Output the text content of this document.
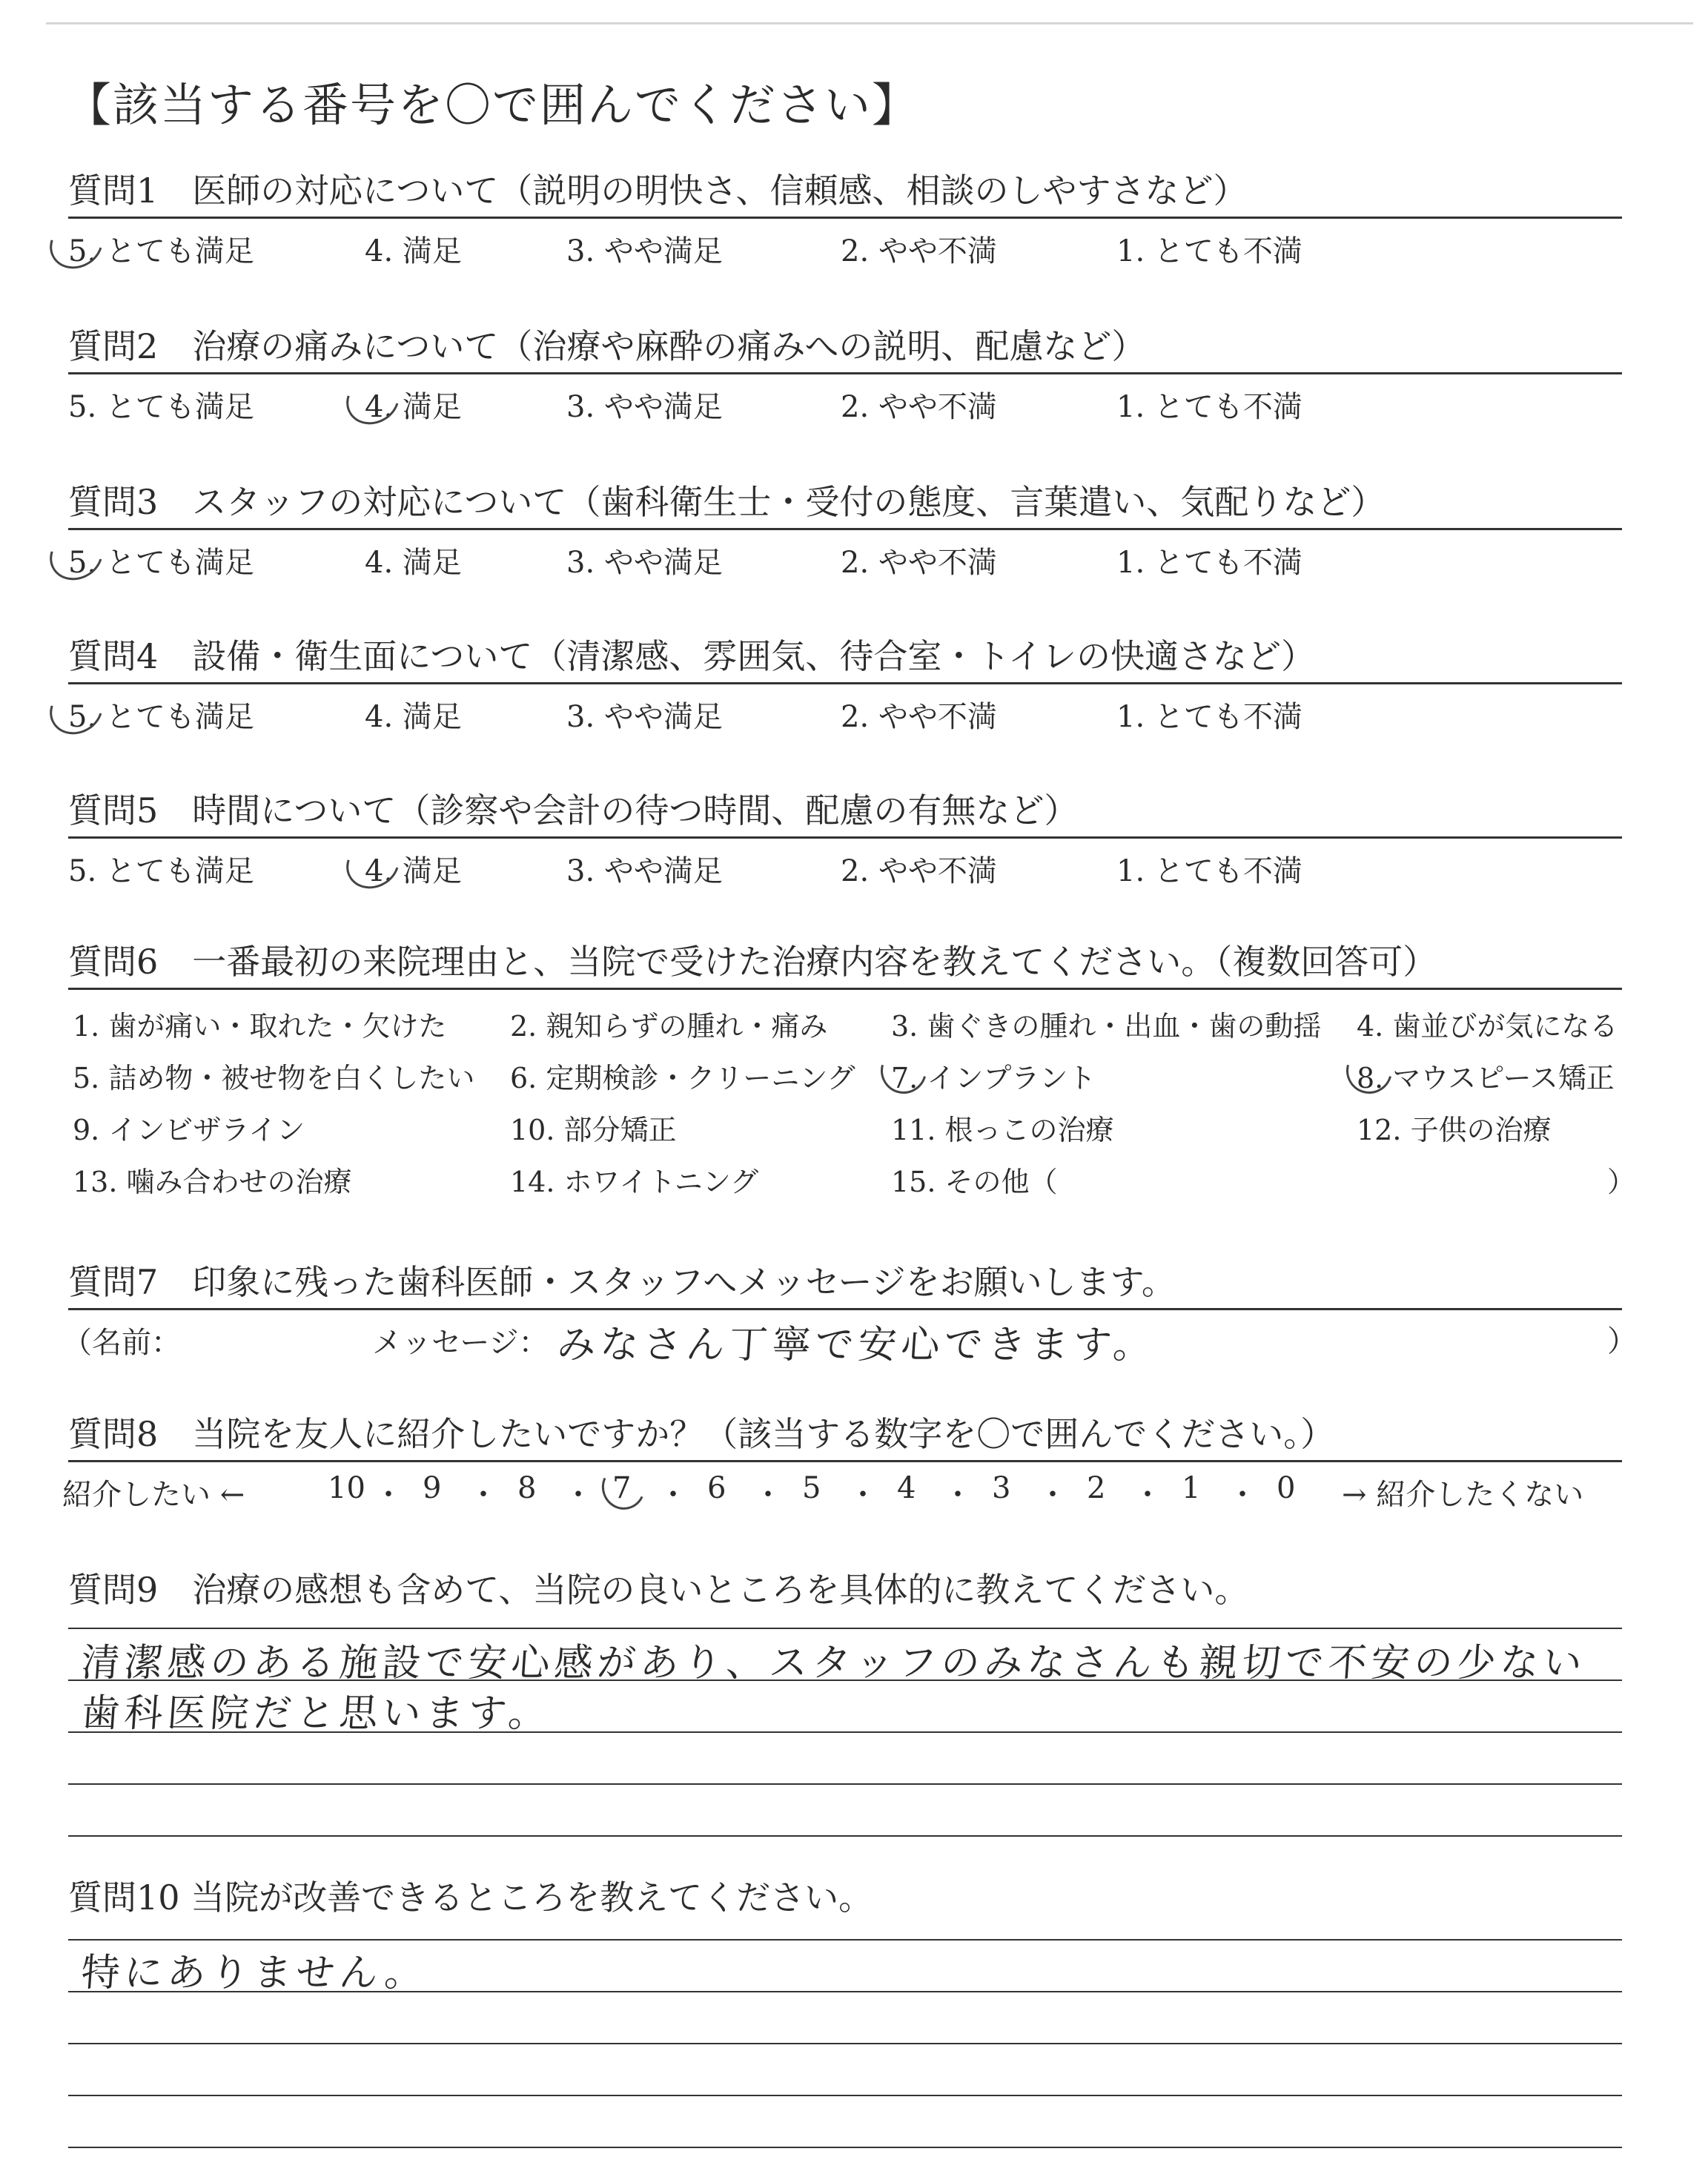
【該当する番号を〇で囲んでください】
質問1　医師の対応について（説明の明快さ、信頼感、相談のしやすさなど）
5. とても満足	4. 満足	3. やや満足	2. やや不満	1. とても不満
質問2　治療の痛みについて（治療や麻酔の痛みへの説明、配慮など）
5. とても満足	4. 満足	3. やや満足	2. やや不満	1. とても不満
質問3　スタッフの対応について（歯科衛生士・受付の態度、言葉遣い、気配りなど）
5. とても満足	4. 満足	3. やや満足	2. やや不満	1. とても不満
質問4　設備・衛生面について（清潔感、雰囲気、待合室・トイレの快適さなど）
5. とても満足	4. 満足	3. やや満足	2. やや不満	1. とても不満
質問5　時間について（診察や会計の待つ時間、配慮の有無など）
5. とても満足	4. 満足	3. やや満足	2. やや不満	1. とても不満
質問6　一番最初の来院理由と、当院で受けた治療内容を教えてください。（複数回答可）
1. 歯が痛い・取れた・欠けた 2. 親知らずの腫れ・痛み 3. 歯ぐきの腫れ・出血・歯の動揺 4. 歯並びが気になる
5. 詰め物・被せ物を白くしたい 6. 定期検診・クリーニング 7. インプラント	8. マウスピース矯正
9. インビザライン	10. 部分矯正	11. 根っこの治療	12. 子供の治療
13. 噛み合わせの治療	14. ホワイトニング	15. その他（	）
質問7　印象に残った歯科医師・スタッフへメッセージをお願いします。
（名前：	メッセージ： みなさん丁寧で安心できます。	）
質問8　当院を友人に紹介したいですか？（該当する数字を〇で囲んでください。）
紹介したい ←	→ 紹介したくない
10 ・ 9 ・ 8 ・ 7 ・ 6 ・ 5 ・ 4 ・ 3 ・ 2 ・ 1 ・ 0
質問9　治療の感想も含めて、当院の良いところを具体的に教えてください。
清潔感のある施設で安心感があり、スタッフのみなさんも親切で不安の少ない
歯科医院だと思います。
質問10 当院が改善できるところを教えてください。
特にありません。
